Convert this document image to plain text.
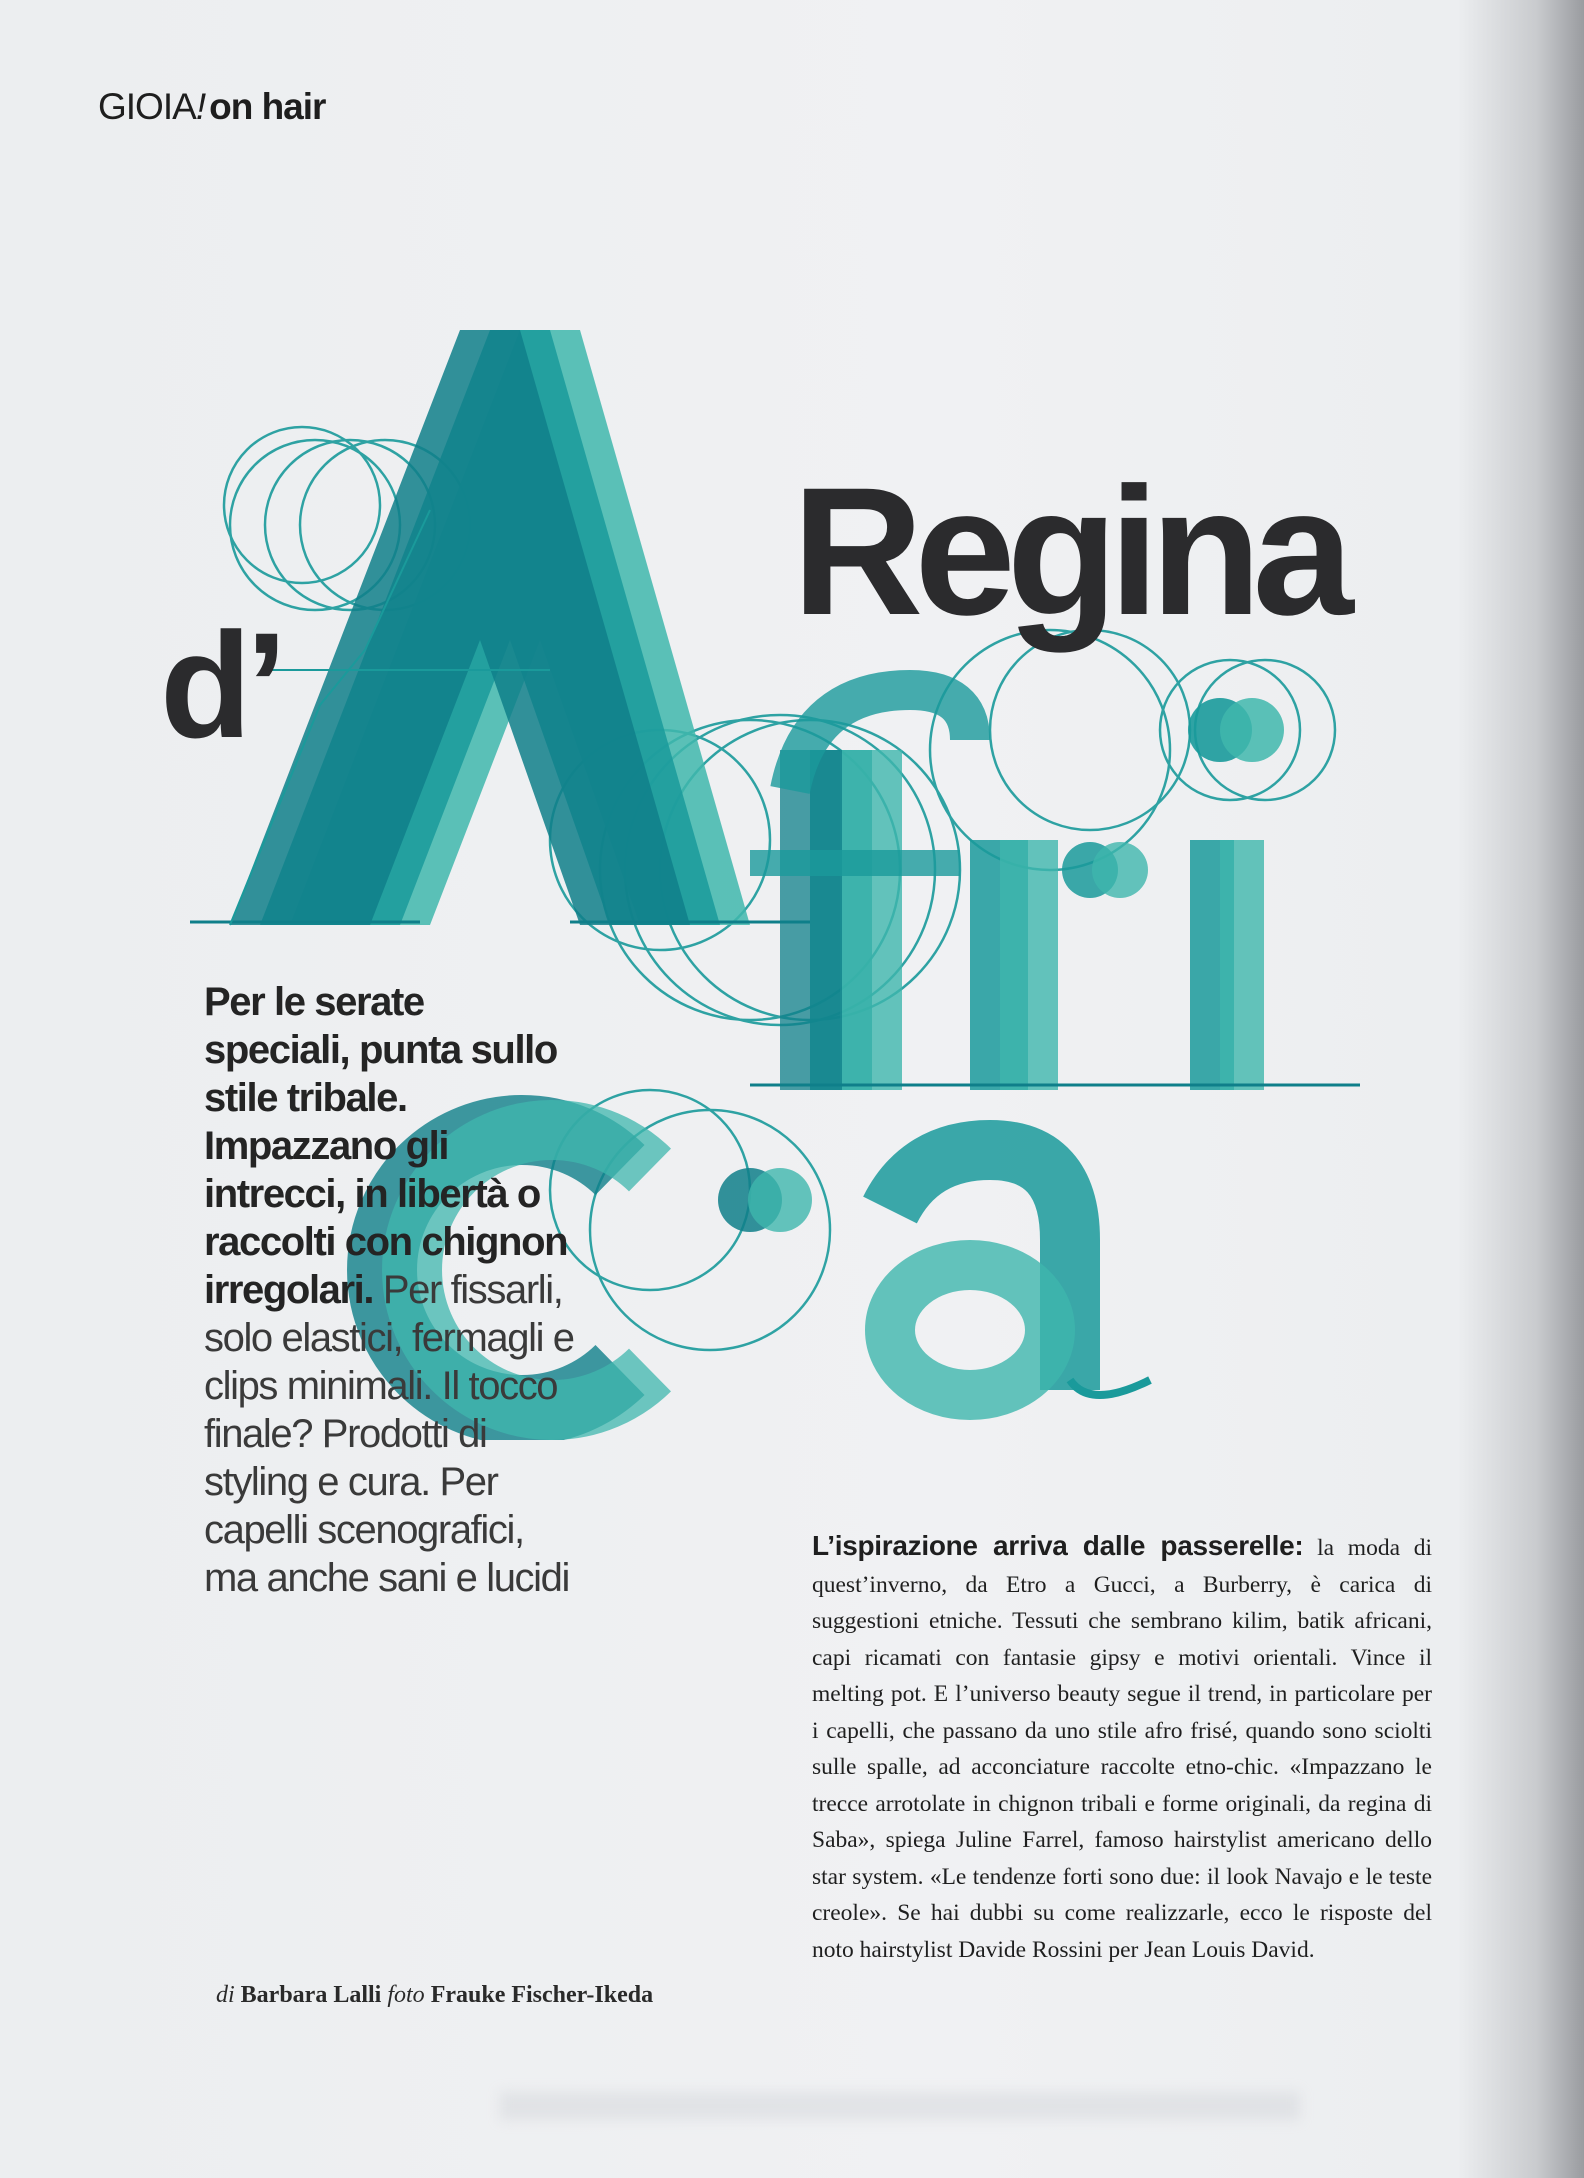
GIOIA! on hair
Regina
d’
Per le serate speciali, punta sullo stile tribale. Impazzano gli intrecci, in libertà o raccolti con chignon irregolari. Per fissarli, solo elastici, fermagli e clips minimali. Il tocco finale? Prodotti di styling e cura. Per capelli scenografici, ma anche sani e lucidi
di Barbara Lalli foto Frauke Fischer-Ikeda
L’ispirazione arriva dalle passerelle: la moda di quest’inverno, da Etro a Gucci, a Burberry, è carica di suggestioni etniche. Tessuti che sembrano kilim, batik africani, capi ricamati con fantasie gipsy e motivi orientali. Vince il melting pot. E l’universo beauty segue il trend, in particolare per i capelli, che passano da uno stile afro frisé, quando sono sciolti sulle spalle, ad acconciature raccolte etno-chic. «Impazzano le trecce arrotolate in chignon tribali e forme originali, da regina di Saba», spiega Juline Farrel, famoso hairstylist americano dello star system. «Le tendenze forti sono due: il look Navajo e le teste creole». Se hai dubbi su come realizzarle, ecco le risposte del noto hairstylist Davide Rossini per Jean Louis David.
